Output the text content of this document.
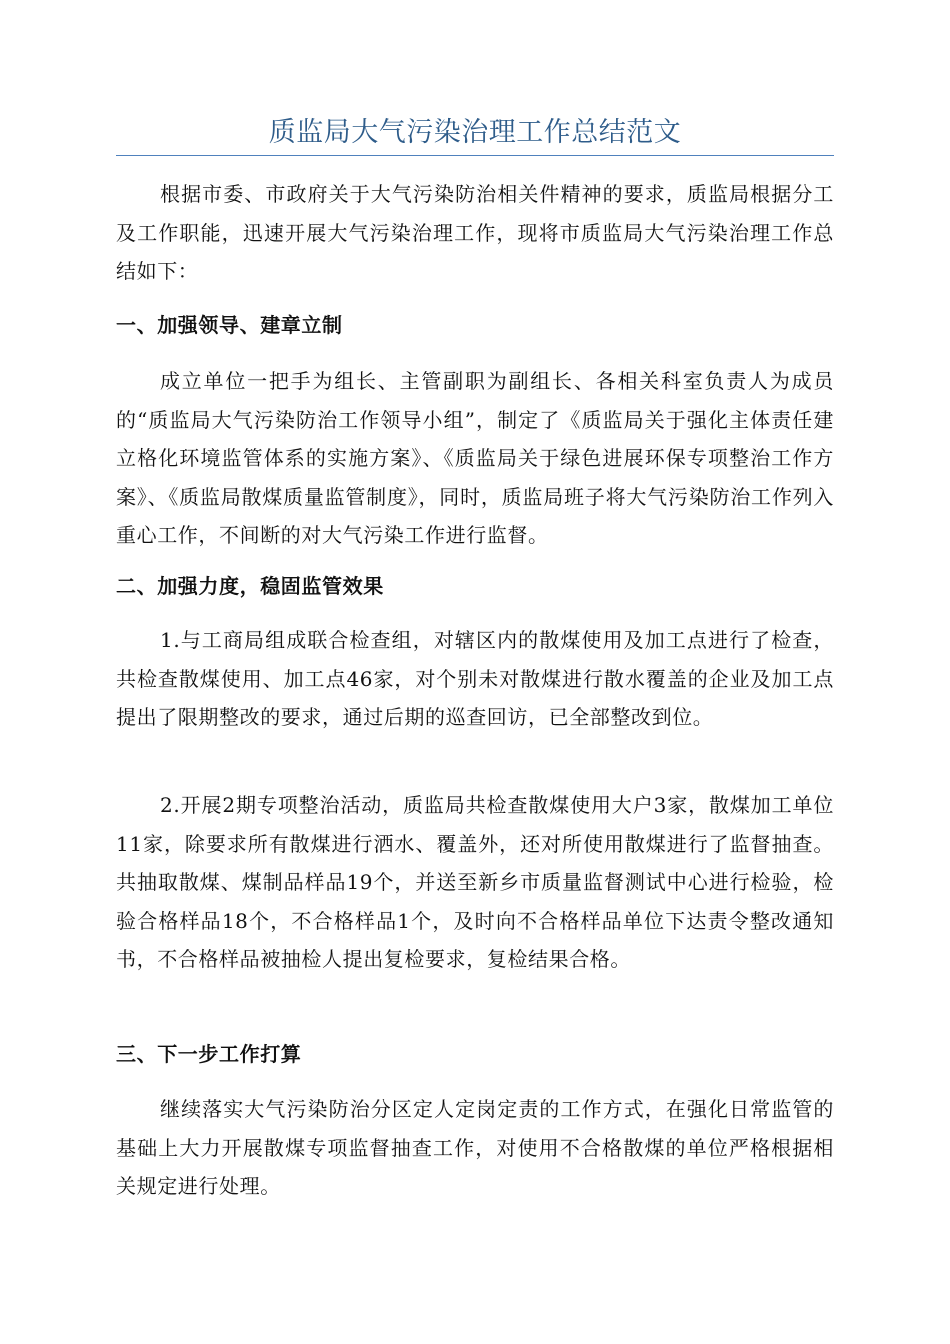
质监局大气污染治理工作总结范文

根据市委、市政府关于大气污染防治相关件精神的要求，质监局根据分工及工作职能，迅速开展大气污染治理工作，现将市质监局大气污染治理工作总结如下：

一、加强领导、建章立制

成立单位一把手为组长、主管副职为副组长、各相关科室负责人为成员的“质监局大气污染防治工作领导小组”，制定了《质监局关于强化主体责任建立格化环境监管体系的实施方案》、《质监局关于绿色进展环保专项整治工作方案》、《质监局散煤质量监管制度》，同时，质监局班子将大气污染防治工作列入重心工作，不间断的对大气污染工作进行监督。

二、加强力度，稳固监管效果

1.与工商局组成联合检查组，对辖区内的散煤使用及加工点进行了检查，共检查散煤使用、加工点46家，对个别未对散煤进行散水覆盖的企业及加工点提出了限期整改的要求，通过后期的巡查回访，已全部整改到位。

2.开展2期专项整治活动，质监局共检查散煤使用大户3家，散煤加工单位11家，除要求所有散煤进行洒水、覆盖外，还对所使用散煤进行了监督抽查。共抽取散煤、煤制品样品19个，并送至新乡市质量监督测试中心进行检验，检验合格样品18个，不合格样品1个，及时向不合格样品单位下达责令整改通知书，不合格样品被抽检人提出复检要求，复检结果合格。

三、下一步工作打算

继续落实大气污染防治分区定人定岗定责的工作方式，在强化日常监管的基础上大力开展散煤专项监督抽查工作，对使用不合格散煤的单位严格根据相关规定进行处理。
